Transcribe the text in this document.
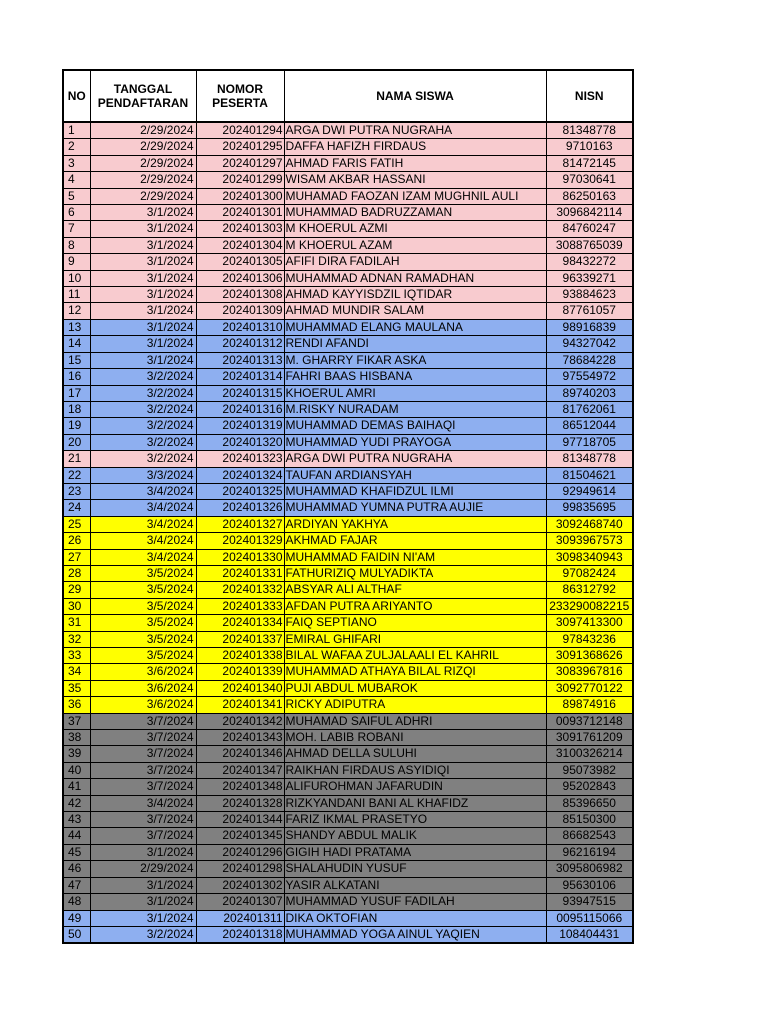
NO	TANGGAL PENDAFTARAN	NOMOR PESERTA	NAMA SISWA	NISN
1	2/29/2024	202401294	ARGA DWI PUTRA NUGRAHA	81348778
2	2/29/2024	202401295	DAFFA HAFIZH FIRDAUS	9710163
3	2/29/2024	202401297	AHMAD FARIS FATIH	81472145
4	2/29/2024	202401299	WISAM AKBAR HASSANI	97030641
5	2/29/2024	202401300	MUHAMAD FAOZAN IZAM MUGHNIL AULI	86250163
6	3/1/2024	202401301	MUHAMMAD BADRUZZAMAN	3096842114
7	3/1/2024	202401303	M KHOERUL AZMI	84760247
8	3/1/2024	202401304	M KHOERUL AZAM	3088765039
9	3/1/2024	202401305	AFIFI DIRA FADILAH	98432272
10	3/1/2024	202401306	MUHAMMAD ADNAN RAMADHAN	96339271
11	3/1/2024	202401308	AHMAD KAYYISDZIL IQTIDAR	93884623
12	3/1/2024	202401309	AHMAD MUNDIR SALAM	87761057
13	3/1/2024	202401310	MUHAMMAD ELANG MAULANA	98916839
14	3/1/2024	202401312	RENDI AFANDI	94327042
15	3/1/2024	202401313	M. GHARRY FIKAR ASKA	78684228
16	3/2/2024	202401314	FAHRI BAAS HISBANA	97554972
17	3/2/2024	202401315	KHOERUL AMRI	89740203
18	3/2/2024	202401316	M.RISKY NURADAM	81762061
19	3/2/2024	202401319	MUHAMMAD DEMAS BAIHAQI	86512044
20	3/2/2024	202401320	MUHAMMAD YUDI PRAYOGA	97718705
21	3/2/2024	202401323	ARGA DWI PUTRA NUGRAHA	81348778
22	3/3/2024	202401324	TAUFAN ARDIANSYAH	81504621
23	3/4/2024	202401325	MUHAMMAD KHAFIDZUL ILMI	92949614
24	3/4/2024	202401326	MUHAMMAD YUMNA PUTRA AUJIE	99835695
25	3/4/2024	202401327	ARDIYAN YAKHYA	3092468740
26	3/4/2024	202401329	AKHMAD FAJAR	3093967573
27	3/4/2024	202401330	MUHAMMAD FAIDIN NI'AM	3098340943
28	3/5/2024	202401331	FATHURIZIQ MULYADIKTA	97082424
29	3/5/2024	202401332	ABSYAR ALI ALTHAF	86312792
30	3/5/2024	202401333	AFDAN PUTRA ARIYANTO	233290082215
31	3/5/2024	202401334	FAIQ SEPTIANO	3097413300
32	3/5/2024	202401337	EMIRAL GHIFARI	97843236
33	3/5/2024	202401338	BILAL WAFAA ZULJALAALI EL KAHRIL	3091368626
34	3/6/2024	202401339	MUHAMMAD ATHAYA BILAL RIZQI	3083967816
35	3/6/2024	202401340	PUJI ABDUL MUBAROK	3092770122
36	3/6/2024	202401341	RICKY ADIPUTRA	89874916
37	3/7/2024	202401342	MUHAMAD SAIFUL ADHRI	0093712148
38	3/7/2024	202401343	MOH. LABIB ROBANI	3091761209
39	3/7/2024	202401346	AHMAD DELLA SULUHI	3100326214
40	3/7/2024	202401347	RAIKHAN FIRDAUS ASYIDIQI	95073982
41	3/7/2024	202401348	ALIFUROHMAN JAFARUDIN	95202843
42	3/4/2024	202401328	RIZKYANDANI BANI AL KHAFIDZ	85396650
43	3/7/2024	202401344	FARIZ IKMAL PRASETYO	85150300
44	3/7/2024	202401345	SHANDY ABDUL MALIK	86682543
45	3/1/2024	202401296	GIGIH HADI PRATAMA	96216194
46	2/29/2024	202401298	SHALAHUDIN YUSUF	3095806982
47	3/1/2024	202401302	YASIR ALKATANI	95630106
48	3/1/2024	202401307	MUHAMMAD YUSUF FADILAH	93947515
49	3/1/2024	202401311	DIKA OKTOFIAN	0095115066
50	3/2/2024	202401318	MUHAMMAD YOGA AINUL YAQIEN	108404431
